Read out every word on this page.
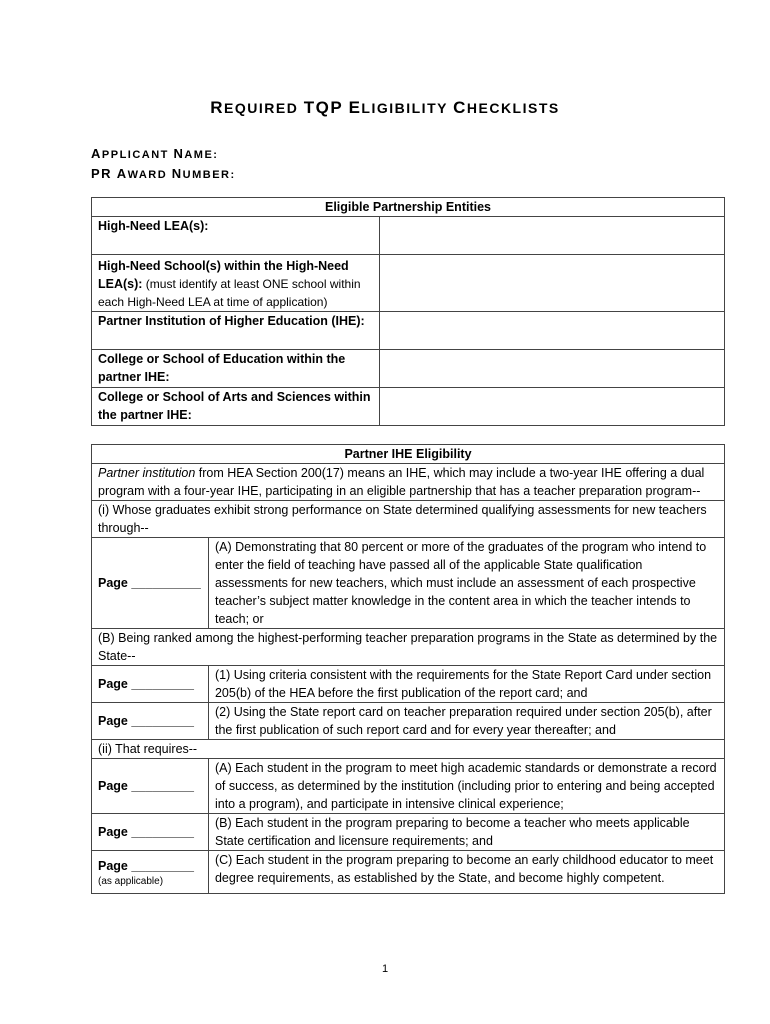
REQUIRED TQP ELIGIBILITY CHECKLISTS
APPLICANT NAME:
PR AWARD NUMBER:
Eligible Partnership Entities	
High-Need LEA(s):	
High-Need School(s) within the High-Need LEA(s): (must identify at least ONE school within each High-Need LEA at time of application)	
Partner Institution of Higher Education (IHE):	
College or School of Education within the partner IHE:	
College or School of Arts and Sciences within the partner IHE:	
Partner IHE Eligibility	
Partner institution from HEA Section 200(17) means an IHE, which may include a two-year IHE offering a dual program with a four-year IHE, participating in an eligible partnership that has a teacher preparation program--	
(i) Whose graduates exhibit strong performance on State determined qualifying assessments for new teachers through--	
Page __________	(A) Demonstrating that 80 percent or more of the graduates of the program who intend to enter the field of teaching have passed all of the applicable State qualification assessments for new teachers, which must include an assessment of each prospective teacher’s subject matter knowledge in the content area in which the teacher intends to teach; or
(B) Being ranked among the highest-performing teacher preparation programs in the State as determined by the State--	
Page _________	(1) Using criteria consistent with the requirements for the State Report Card under section 205(b) of the HEA before the first publication of the report card; and
Page _________	(2) Using the State report card on teacher preparation required under section 205(b), after the first publication of such report card and for every year thereafter; and
(ii) That requires--	
Page _________	(A) Each student in the program to meet high academic standards or demonstrate a record of success, as determined by the institution (including prior to entering and being accepted into a program), and participate in intensive clinical experience;
Page _________	(B) Each student in the program preparing to become a teacher who meets applicable State certification and licensure requirements; and
Page _________
(as applicable)	(C) Each student in the program preparing to become an early childhood educator to meet degree requirements, as established by the State, and become highly competent.
1
